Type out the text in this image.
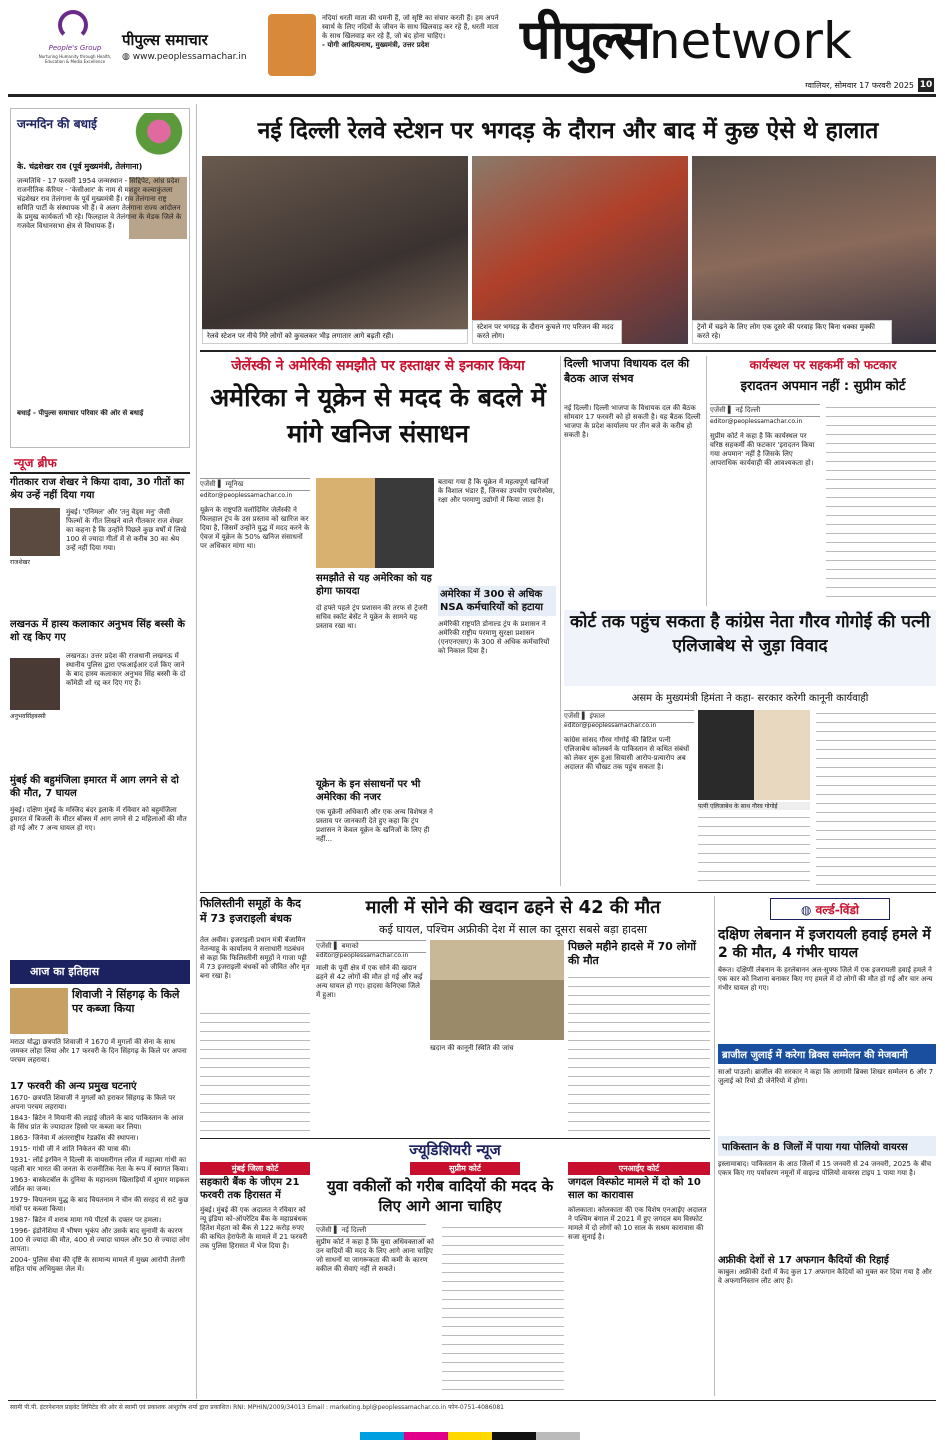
People's Group
Nurturing Humanity through Health, Education & Media Excellence
पीपुल्स समाचार
◍ www.peoplessamachar.in
नदियां धरती माता की धमनी हैं, जो सृष्टि का संचार करती हैं। हम अपने स्वार्थ के लिए नदियों के जीवन के साथ खिलवाड़ कर रहे हैं, धरती माता के साथ खिलवाड़ कर रहे हैं, जो बंद होना चाहिए।
- योगी आदित्यनाथ, मुख्यमंत्री, उत्तर प्रदेश	पीपुल्सnetwork
ग्वालियर, सोमवार 17 फरवरी 2025 10
जन्मदिन की बधाई
के. चंद्रशेखर राव (पूर्व मुख्यमंत्री, तेलंगाना)
जन्मतिथि - 17 फरवरी 1954 जन्मस्थान - सिद्दिपेट, आंध्र प्रदेश राजनीतिक कॅरियर - 'केसीआर' के नाम से मशहूर कल्वाकुंतला चंद्रशेखर राव तेलंगाना के पूर्व मुख्यमंत्री हैं। राव तेलंगाना राष्ट्र समिति पार्टी के संस्थापक भी हैं। वे अलग तेलंगाना राज्य आंदोलन के प्रमुख कार्यकर्ता भी रहे। फिलहाल वे तेलंगाना के मेडक जिले के गजवेल विधानसभा क्षेत्र से विधायक हैं।
बधाई - पीपुल्स समाचार परिवार की ओर से बधाई
न्यूज ब्रीफ
गीतकार राज शेखर ने किया दावा, 30 गीतों का श्रेय उन्हें नहीं दिया गया
राजशेखर
मुंबई। 'एनिमल' और 'तनु वेड्स मनु' जैसी फिल्मों के गीत लिखने वाले गीतकार राज शेखर का कहना है कि उन्होंने पिछले कुछ वर्षों में लिखे 100 से ज्यादा गीतों में से करीब 30 का श्रेय उन्हें नहीं दिया गया।
लखनऊ में हास्य कलाकार अनुभव सिंह बस्सी के शो रद्द किए गए
अनुभवसिंहबस्सी
लखनऊ। उत्तर प्रदेश की राजधानी लखनऊ में स्थानीय पुलिस द्वारा एफआईआर दर्ज किए जाने के बाद हास्य कलाकार अनुभव सिंह बस्सी के दो कॉमेडी शो रद्द कर दिए गए हैं।
मुंबई की बहुमंजिला इमारत में आग लगने से दो की मौत, 7 घायल
मुंबई। दक्षिण मुंबई के मस्जिद बंदर इलाके में रविवार को बहुमंजिला इमारत में बिजली के मीटर बॉक्स में आग लगने से 2 महिलाओं की मौत हो गई और 7 अन्य घायल हो गए।
आज का इतिहास
शिवाजी ने सिंहगढ़ के किले पर कब्जा किया
मराठा योद्धा छत्रपति शिवाजी ने 1670 में मुगलों की सेना के साथ जमकर लोहा लिया और 17 फरवरी के दिन सिंहगढ़ के किले पर अपना परचम लहराया।
17 फरवरी की अन्य प्रमुख घटनाएं
1670- छत्रपति शिवाजी ने मुगलों को हराकर सिंहगढ़ के किले पर अपना परचम लहराया।
1843- ब्रिटेन ने मियानी की लड़ाई जीतने के बाद पाकिस्तान के आज के सिंध प्रांत के ज्यादातर हिस्से पर कब्जा कर लिया।
1863- जिनेवा में अंतरराष्ट्रीय रेडक्रॉस की स्थापना।
1915- गांधी जी ने शांति निकेतन की यात्रा की।
1931- लॉर्ड इरविन ने दिल्ली के वायसरीगल लॉज में महात्मा गांधी का पहली बार भारत की जनता के राजनीतिक नेता के रूप में स्वागत किया।
1963- बास्केटबॉल के दुनिया के महानतम खिलाड़ियों में शुमार माइकल जॉर्डन का जन्म।
1979- वियतनाम युद्ध के बाद वियतनाम ने चीन की सरहद से सटे कुछ गांवों पर कब्जा किया।
1987- ब्रिटेन में शराब मामा गये पीटर्स के दफ्तर पर हमला।
1996- इंडोनेशिया में भीषण भूकंप और उसके बाद सुनामी के कारण 100 से ज्यादा की मौत, 400 से ज्यादा घायल और 50 से ज्यादा लोग लापता।
2004- पुलिस सेवा की दृष्टि के सामान्य मामले में मुख्य आरोपी तेलगी सहित पांच अभियुक्त जेल में।
नई दिल्ली रेलवे स्टेशन पर भगदड़ के दौरान और बाद में कुछ ऐसे थे हालात
रेलवे स्टेशन पर नीचे गिरे लोगों को कुचलकर भीड़ लगातार आगे बढ़ती रही।
स्टेशन पर भगदड़ के दौरान कुचले गए परिजन की मदद करते लोग।
ट्रेनों में चढ़ने के लिए लोग एक दूसरे की परवाह किए बिना धक्का मुक्की करते रहे।
जेलेंस्की ने अमेरिकी समझौते पर हस्ताक्षर से इनकार किया
अमेरिका ने यूक्रेन से मदद के बदले में मांगे खनिज संसाधन
एजेंसी ▌ म्यूनिख
editor@peoplessamachar.co.in
यूक्रेन के राष्ट्रपति वलोदिमिर जेलेंस्की ने फिलहाल ट्रंप के उस प्रस्ताव को खारिज कर दिया है, जिसमें उन्होंने युद्ध में मदद करने के ऐवज में यूक्रेन के 50% खनिज संसाधनों पर अधिकार मांगा था।
बताया गया है कि यूक्रेन में महत्वपूर्ण खनिजों के विशाल भंडार हैं, जिनका उपयोग एयरोस्पेस, रक्षा और परमाणु उद्योगों में किया जाता है।
समझौते से यह अमेरिका को यह होगा फायदा
दो हफ्ते पहले ट्रंप प्रशासन की तरफ से ट्रेजरी सचिव स्कॉट बेसेंट ने यूक्रेन के सामने यह प्रस्ताव रखा था।
अमेरिका में 300 से अधिक NSA कर्मचारियों को हटाया
अमेरिकी राष्ट्रपति डोनाल्ड ट्रंप के प्रशासन ने अमेरिकी राष्ट्रीय परमाणु सुरक्षा प्रशासन (एनएनएसए) के 300 से अधिक कर्मचारियों को निकाल दिया है।
यूक्रेन के इन संसाधनों पर भी अमेरिका की नजर
एक यूक्रेनी अधिकारी और एक अन्य विशेषज्ञ ने प्रस्ताव पर जानकारी देते हुए कहा कि ट्रंप प्रशासन ने केवल यूक्रेन के खनिजों के लिए ही नहीं...
दिल्ली भाजपा विधायक दल की बैठक आज संभव
नई दिल्ली। दिल्ली भाजपा के विधायक दल की बैठक सोमवार 17 फरवरी को हो सकती है। यह बैठक दिल्ली भाजपा के प्रदेश कार्यालय पर तीन बजे के करीब हो सकती है।
कार्यस्थल पर सहकर्मी को फटकार
इरादतन अपमान नहीं : सुप्रीम कोर्ट
एजेंसी ▌ नई दिल्ली
editor@peoplessamachar.co.in
सुप्रीम कोर्ट ने कहा है कि कार्यस्थल पर वरिष्ठ सहकर्मी की फटकार 'इरादतन किया गया अपमान' नहीं है जिसके लिए आपराधिक कार्यवाही की आवश्यकता हो।
कोर्ट तक पहुंच सकता है कांग्रेस नेता गौरव गोगोई की पत्नी एलिजाबेथ से जुड़ा विवाद
असम के मुख्यमंत्री हिमंता ने कहा- सरकार करेगी कानूनी कार्यवाही
एजेंसी ▌ इंफाल
editor@peoplessamachar.co.in
कांग्रेस सांसद गौरव गोगोई की ब्रिटिश पत्नी एलिजाबेथ कोलबर्न के पाकिस्तान से कथित संबंधों को लेकर शुरू हुआ सियासी आरोप-प्रत्यारोप अब अदालत की चौखट तक पहुंच सकता है।
पत्नी एलिजाबेथ के साथ गौरव गोगोई
फिलिस्तीनी समूहों के कैद में 73 इजराइली बंधक
तेल अवीव। इजराइली प्रधान मंत्री बेंजामिन नेतन्याहू के कार्यालय ने सत्ताधारी गठबंधन से कहा कि फिलिस्तीनी समूहों ने गाजा पट्टी में 73 इजराइली बंधकों को जीवित और मृत बना रखा है।
माली में सोने की खदान ढहने से 42 की मौत
कई घायल, पश्चिम अफ्रीकी देश में साल का दूसरा सबसे बड़ा हादसा
एजेंसी ▌ बमाको
editor@peoplessamachar.co.in
माली के पूर्वी क्षेत्र में एक सोने की खदान ढहने से 42 लोगों की मौत हो गई और कई अन्य घायल हो गए। हादसा केनिएबा जिले में हुआ।
खदान की कानूनी स्थिति की जांच
पिछले महीने हादसे में 70 लोगों की मौत
◍ वर्ल्ड-विंडो
दक्षिण लेबनान में इजरायली हवाई हमले में 2 की मौत, 4 गंभीर घायल
बेरूत। दक्षिणी लेबनान के हरलेबानन अल-सुफ्फ जिले में एक इजरायली हवाई हमले ने एक कार को निशाना बनाकर किए गए हमले में दो लोगों की मौत हो गई और चार अन्य गंभीर घायल हो गए।
ब्राजील जुलाई में करेगा ब्रिक्स सम्मेलन की मेजबानी
साओ पाउलो। ब्राजील की सरकार ने कहा कि आगामी ब्रिक्स शिखर सम्मेलन 6 और 7 जुलाई को रियो डी जेनेरियो में होगा।
पाकिस्तान के 8 जिलों में पाया गया पोलियो वायरस
इस्लामाबाद। पाकिस्तान के आठ जिलों में 15 जनवरी से 24 जनवरी, 2025 के बीच एकत्र किए गए पर्यावरण नमूनों में वाइल्ड पोलियो वायरस टाइप 1 पाया गया है।
अफ्रीकी देशों से 17 अफगान कैदियों की रिहाई
काबुल। अफ्रीकी देशों में कैद कुल 17 अफगान कैदियों को मुक्त कर दिया गया है और वे अफगानिस्तान लौट आए हैं।
ज्यूडिशियरी न्यूज
मुंबई जिला कोर्ट
सहकारी बैंक के जीएम 21 फरवरी तक हिरासत में
मुंबई। मुंबई की एक अदालत ने रविवार को न्यू इंडिया को-ऑपरेटिव बैंक के महाप्रबंधक हितेश मेहता को बैंक से 122 करोड़ रुपए की कथित हेराफेरी के मामले में 21 फरवरी तक पुलिस हिरासत में भेज दिया है।
सुप्रीम कोर्ट
युवा वकीलों को गरीब वादियों की मदद के लिए आगे आना चाहिए
एजेंसी ▌ नई दिल्ली
सुप्रीम कोर्ट ने कहा है कि युवा अधिवक्ताओं को उन वादियों की मदद के लिए आगे आना चाहिए जो साधनों या जागरूकता की कमी के कारण वकील की सेवाएं नहीं ले सकते।
एनआईए कोर्ट
जगदल विस्फोट मामले में दो को 10 साल का कारावास
कोलकाता। कोलकाता की एक विशेष एनआईए अदालत ने पश्चिम बंगाल में 2021 में हुए जगदल बम विस्फोट मामले में दो लोगों को 10 साल के सश्रम कारावास की सजा सुनाई है।
स्वामी पी.पी. इंटरनेशनल प्राइवेट लिमिटेड की ओर से स्वामी एवं प्रकाशक आशुतोष शर्मा द्वारा प्रकाशित। RNI: MPHIN/2009/34013 Email : marketing.bpl@peoplessamachar.co.in फोन-0751-4086081
